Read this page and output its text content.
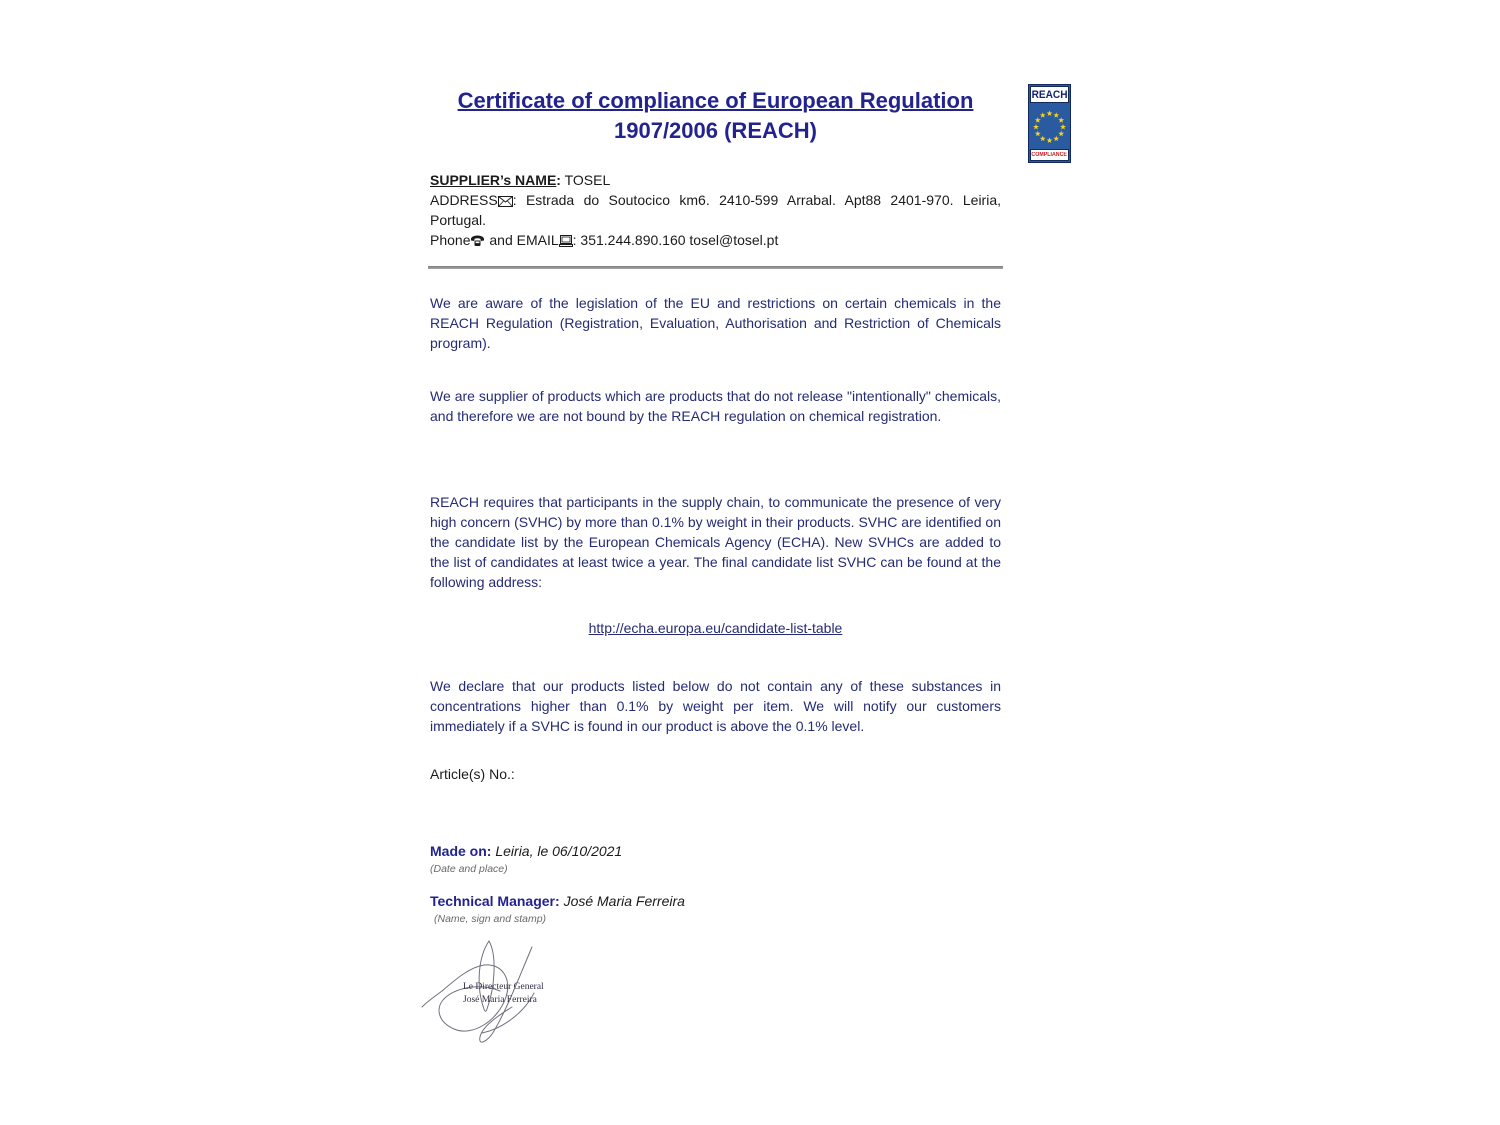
Certificate of compliance of European Regulation
1907/2006 (REACH)
REACH
COMPLIANCE
SUPPLIER’s NAME: TOSEL
ADDRESS : Estrada do Soutocico km6. 2410-599 Arrabal. Apt88 2401-970. Leiria, Portugal.
Phone and EMAIL : 351.244.890.160 tosel@tosel.pt
We are aware of the legislation of the EU and restrictions on certain chemicals in the REACH Regulation (Registration, Evaluation, Authorisation and Restriction of Chemicals program).
We are supplier of products which are products that do not release "intentionally" chemicals, and therefore we are not bound by the REACH regulation on chemical registration.
REACH requires that participants in the supply chain, to communicate the presence of very high concern (SVHC) by more than 0.1% by weight in their products. SVHC are identified on the candidate list by the European Chemicals Agency (ECHA). New SVHCs are added to the list of candidates at least twice a year. The final candidate list SVHC can be found at the following address:
http://echa.europa.eu/candidate-list-table
We declare that our products listed below do not contain any of these substances in concentrations higher than 0.1% by weight per item. We will notify our customers immediately if a SVHC is found in our product is above the 0.1% level.
Article(s) No.:
Made on: Leiria, le 06/10/2021
(Date and place)
Technical Manager: José Maria Ferreira
(Name, sign and stamp)
Le Directeur General
José Maria Ferreira
